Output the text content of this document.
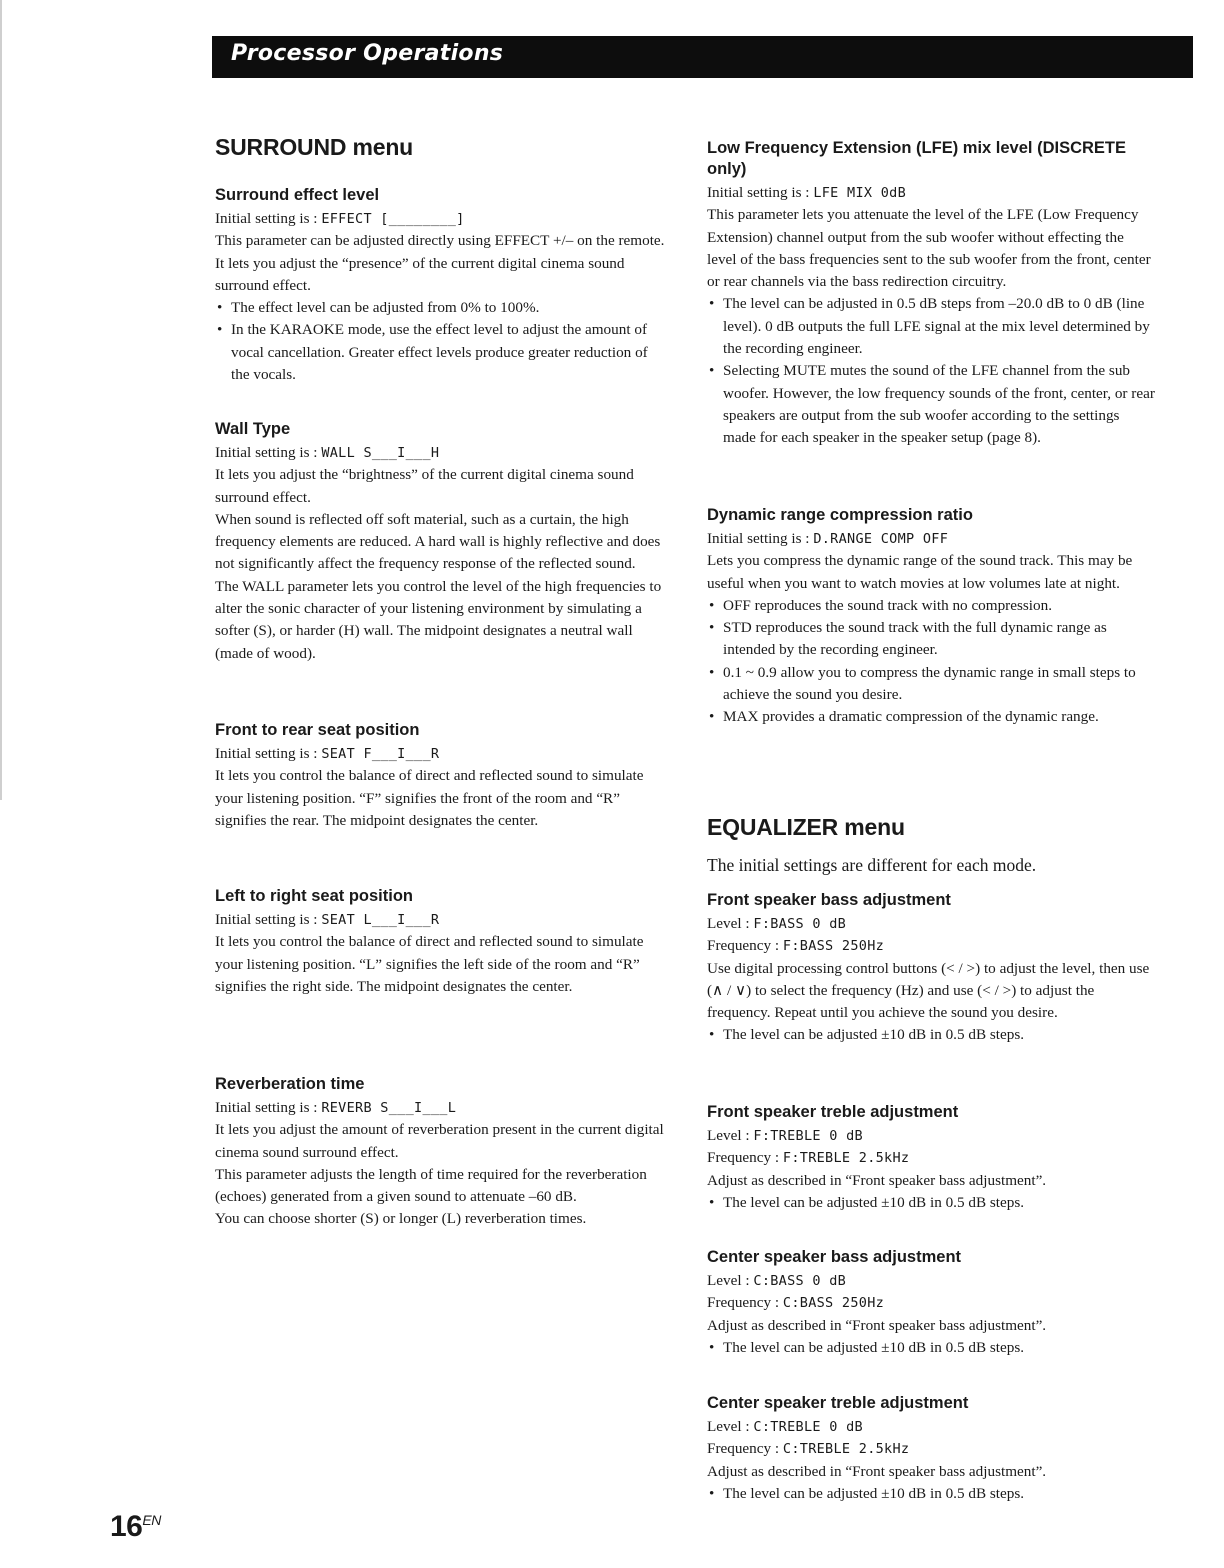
Processor Operations
SURROUND menu
Surround effect level

Initial setting is : EFFECT [________]

This parameter can be adjusted directly using EFFECT +/– on the remote. It lets you adjust the “presence” of the current digital cinema sound surround effect.

• The effect level can be adjusted from 0% to 100%.
• In the KARAOKE mode, use the effect level to adjust the amount of vocal cancellation. Greater effect levels produce greater reduction of the vocals.
Wall Type

Initial setting is : WALL S___I___H

It lets you adjust the “brightness” of the current digital cinema sound surround effect.

When sound is reflected off soft material, such as a curtain, the high frequency elements are reduced. A hard wall is highly reflective and does not significantly affect the frequency response of the reflected sound.

The WALL parameter lets you control the level of the high frequencies to alter the sonic character of your listening environment by simulating a softer (S), or harder (H) wall. The midpoint designates a neutral wall (made of wood).

Front to rear seat position

Initial setting is : SEAT F___I___R

It lets you control the balance of direct and reflected sound to simulate your listening position. “F” signifies the front of the room and “R” signifies the rear. The midpoint designates the center.

Left to right seat position

Initial setting is : SEAT L___I___R

It lets you control the balance of direct and reflected sound to simulate your listening position. “L” signifies the left side of the room and “R” signifies the right side. The midpoint designates the center.

Reverberation time

Initial setting is : REVERB S___I___L

It lets you adjust the amount of reverberation present in the current digital cinema sound surround effect.

This parameter adjusts the length of time required for the reverberation (echoes) generated from a given sound to attenuate –60 dB.

You can choose shorter (S) or longer (L) reverberation times.

Low Frequency Extension (LFE) mix level (DISCRETE only)

Initial setting is : LFE MIX 0dB

This parameter lets you attenuate the level of the LFE (Low Frequency Extension) channel output from the sub woofer without effecting the level of the bass frequencies sent to the sub woofer from the front, center or rear channels via the bass redirection circuitry.

• The level can be adjusted in 0.5 dB steps from –20.0 dB to 0 dB (line level). 0 dB outputs the full LFE signal at the mix level determined by the recording engineer.
• Selecting MUTE mutes the sound of the LFE channel from the sub woofer. However, the low frequency sounds of the front, center, or rear speakers are output from the sub woofer according to the settings made for each speaker in the speaker setup (page 8).
Dynamic range compression ratio

Initial setting is : D.RANGE COMP OFF

Lets you compress the dynamic range of the sound track. This may be useful when you want to watch movies at low volumes late at night.

• OFF reproduces the sound track with no compression.
• STD reproduces the sound track with the full dynamic range as intended by the recording engineer.
• 0.1 ~ 0.9 allow you to compress the dynamic range in small steps to achieve the sound you desire.
• MAX provides a dramatic compression of the dynamic range.
EQUALIZER menu

The initial settings are different for each mode.

Front speaker bass adjustment

Level : F:BASS 0 dB

Frequency : F:BASS 250Hz

Use digital processing control buttons (< / >) to adjust the level, then use (∧ / ∨) to select the frequency (Hz) and use (< / >) to adjust the frequency. Repeat until you achieve the sound you desire.

• The level can be adjusted ±10 dB in 0.5 dB steps.
Front speaker treble adjustment

Level : F:TREBLE 0 dB

Frequency : F:TREBLE 2.5kHz

Adjust as described in “Front speaker bass adjustment”.

• The level can be adjusted ±10 dB in 0.5 dB steps.
Center speaker bass adjustment

Level : C:BASS 0 dB

Frequency : C:BASS 250Hz

Adjust as described in “Front speaker bass adjustment”.

• The level can be adjusted ±10 dB in 0.5 dB steps.
Center speaker treble adjustment

Level : C:TREBLE 0 dB

Frequency : C:TREBLE 2.5kHz

Adjust as described in “Front speaker bass adjustment”.

• The level can be adjusted ±10 dB in 0.5 dB steps.
$16^{EN}$
